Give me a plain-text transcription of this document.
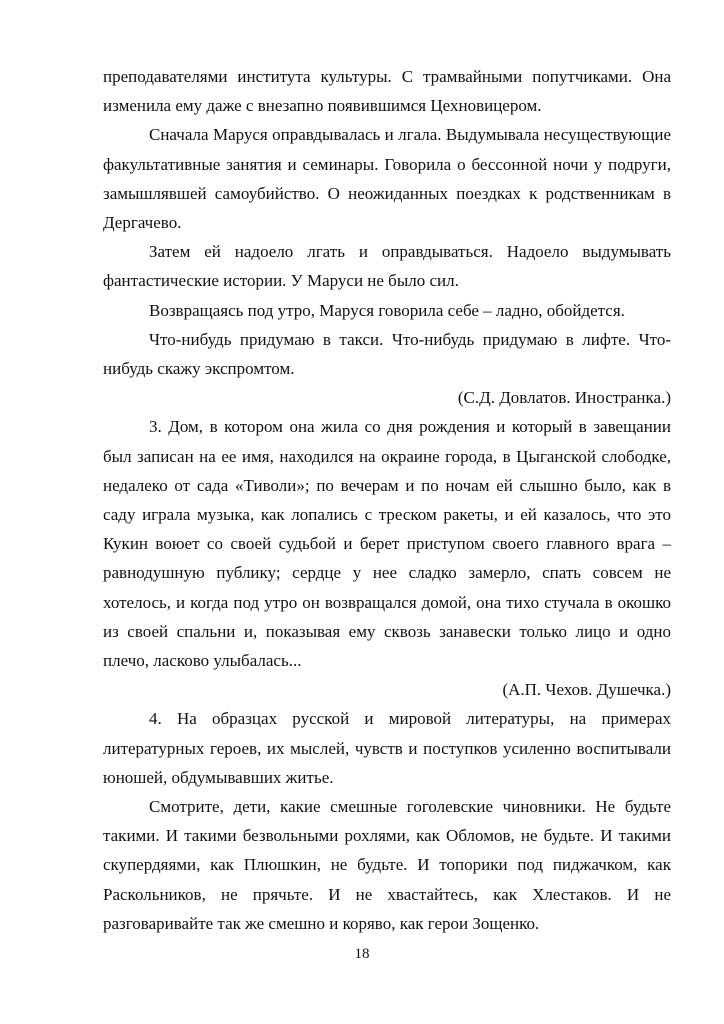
преподавателями института культуры. С трамвайными попутчиками. Она изменила ему даже с внезапно появившимся Цехновицером.

Сначала Маруся оправдывалась и лгала. Выдумывала несуществующие факультативные занятия и семинары. Говорила о бессонной ночи у подруги, замышлявшей самоубийство. О неожиданных поездках к родственникам в Дергачево.

Затем ей надоело лгать и оправдываться. Надоело выдумывать фантастические истории. У Маруси не было сил.

Возвращаясь под утро, Маруся говорила себе – ладно, обойдется.

Что-нибудь придумаю в такси. Что-нибудь придумаю в лифте. Что-нибудь скажу экспромтом.

(С.Д. Довлатов. Иностранка.)

3. Дом, в котором она жила со дня рождения и который в завещании был записан на ее имя, находился на окраине города, в Цыганской слободке, недалеко от сада «Тиволи»; по вечерам и по ночам ей слышно было, как в саду играла музыка, как лопались с треском ракеты, и ей казалось, что это Кукин воюет со своей судьбой и берет приступом своего главного врага – равнодушную публику; сердце у нее сладко замерло, спать совсем не хотелось, и когда под утро он возвращался домой, она тихо стучала в окошко из своей спальни и, показывая ему сквозь занавески только лицо и одно плечо, ласково улыбалась...

(А.П. Чехов. Душечка.)

4. На образцах русской и мировой литературы, на примерах литературных героев, их мыслей, чувств и поступков усиленно воспитывали юношей, обдумывавших житье.

Смотрите, дети, какие смешные гоголевские чиновники. Не будьте такими. И такими безвольными рохлями, как Обломов, не будьте. И такими скупердяями, как Плюшкин, не будьте. И топорики под пиджачком, как Раскольников, не прячьте. И не хвастайтесь, как Хлестаков. И не разговаривайте так же смешно и коряво, как герои Зощенко.

18
